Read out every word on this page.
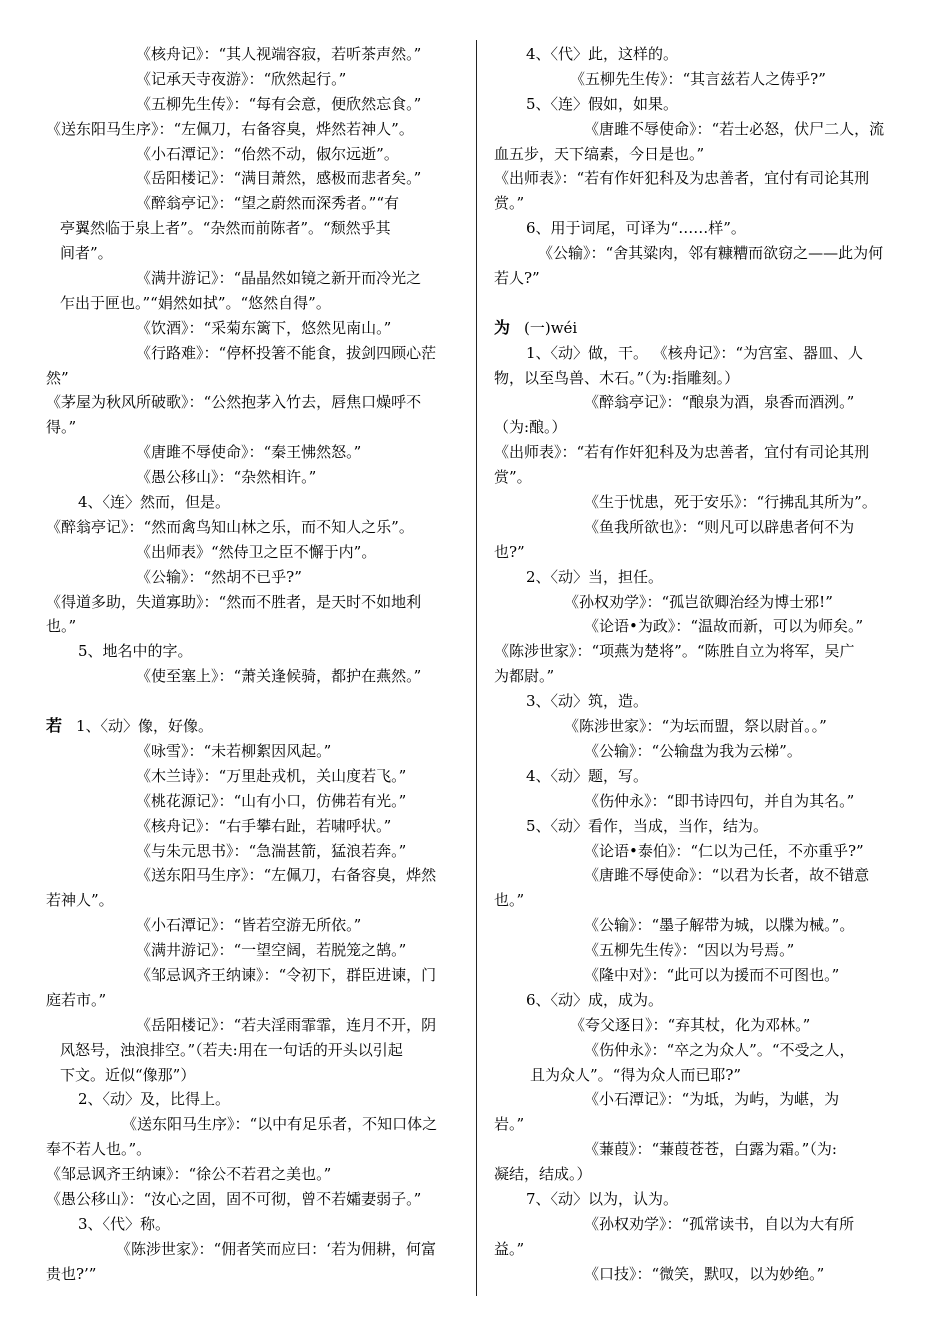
《核舟记》：“其人视端容寂，若听茶声然。”
《记承天寺夜游》：“欣然起行。”
《五柳先生传》：“每有会意，便欣然忘食。”
《送东阳马生序》：“左佩刀，右备容臭，烨然若神人”。
《小石潭记》：“佁然不动，俶尔远逝”。
《岳阳楼记》：“满目萧然，感极而悲者矣。”
《醉翁亭记》：“望之蔚然而深秀者。”“有
亭翼然临于泉上者”。“杂然而前陈者”。“颓然乎其
间者”。
《满井游记》：“晶晶然如镜之新开而冷光之
乍出于匣也。”“娟然如拭”。“悠然自得”。
《饮酒》：“采菊东篱下，悠然见南山。”
《行路难》：“停杯投箸不能食，拔剑四顾心茫
然”
《茅屋为秋风所破歌》：“公然抱茅入竹去，唇焦口燥呼不
得。”
《唐雎不辱使命》：“秦王怫然怒。”
《愚公移山》：“杂然相许。”
4、〈连〉然而，但是。
《醉翁亭记》：“然而禽鸟知山林之乐，而不知人之乐”。
《出师表》“然侍卫之臣不懈于内”。
《公输》：“然胡不已乎?”
《得道多助，失道寡助》：“然而不胜者，是天时不如地利
也。”
5、地名中的字。
《使至塞上》：“萧关逢候骑，都护在燕然。”
若 1、〈动〉像，好像。
《咏雪》：“未若柳絮因风起。”
《木兰诗》：“万里赴戎机，关山度若飞。”
《桃花源记》：“山有小口，仿佛若有光。”
《核舟记》：“右手攀右趾，若啸呼状。”
《与朱元思书》：“急湍甚箭，猛浪若奔。”
《送东阳马生序》：“左佩刀，右备容臭，烨然
若神人”。
《小石潭记》：“皆若空游无所依。”
《满井游记》：“一望空阔，若脱笼之鹄。”
《邹忌讽齐王纳谏》：“令初下，群臣进谏，门
庭若市。”
《岳阳楼记》：“若夫淫雨霏霏，连月不开，阴
风怒号，浊浪排空。”（若夫:用在一句话的开头以引起
下文。近似“像那”）
2、〈动〉及，比得上。
《送东阳马生序》：“以中有足乐者，不知口体之
奉不若人也。”。
《邹忌讽齐王纳谏》：“徐公不若君之美也。”
《愚公移山》：“汝心之固，固不可彻，曾不若孀妻弱子。”
3、〈代〉称。
《陈涉世家》：“佣者笑而应曰：‘若为佣耕，何富
贵也?’”
4、〈代〉此，这样的。
《五柳先生传》：“其言兹若人之俦乎?”
5、〈连〉假如，如果。
《唐雎不辱使命》：“若士必怒，伏尸二人，流
血五步，天下缟素，今日是也。”
《出师表》：“若有作奸犯科及为忠善者，宜付有司论其刑
赏。”
6、用于词尾，可译为“……样”。
《公输》：“舍其粱肉，邻有糠糟而欲窃之——此为何
若人?”
为 (一)wéi
1、〈动〉做，干。 《核舟记》：“为宫室、器皿、人
物，以至鸟兽、木石。”（为:指雕刻。）
《醉翁亭记》：“酿泉为酒，泉香而酒洌。”
（为:酿。）
《出师表》：“若有作奸犯科及为忠善者，宜付有司论其刑
赏”。
《生于忧患，死于安乐》：“行拂乱其所为”。
《鱼我所欲也》：“则凡可以辟患者何不为
也?”
2、〈动〉当，担任。
《孙权劝学》：“孤岂欲卿治经为博士邪!”
《论语•为政》：“温故而新，可以为师矣。”
《陈涉世家》：“项燕为楚将”。“陈胜自立为将军，吴广
为都尉。”
3、〈动〉筑，造。
《陈涉世家》：“为坛而盟，祭以尉首。。”
《公输》：“公输盘为我为云梯”。
4、〈动〉题，写。
《伤仲永》：“即书诗四句，并自为其名。”
5、〈动〉看作，当成，当作，结为。
《论语•泰伯》：“仁以为己任，不亦重乎?”
《唐雎不辱使命》：“以君为长者，故不错意
也。”
《公输》：“墨子解带为城，以牒为械。”。
《五柳先生传》：“因以为号焉。”
《隆中对》：“此可以为援而不可图也。”
6、〈动〉成，成为。
《夸父逐日》：“弃其杖，化为邓林。”
《伤仲永》：“卒之为众人”。“不受之人，
且为众人”。“得为众人而已耶?”
《小石潭记》：“为坻，为屿，为嵁，为
岩。”
《蒹葭》：“蒹葭苍苍，白露为霜。”（为:
凝结，结成。）
7、〈动〉以为，认为。
《孙权劝学》：“孤常读书，自以为大有所
益。”
《口技》：“微笑，默叹，以为妙绝。”
